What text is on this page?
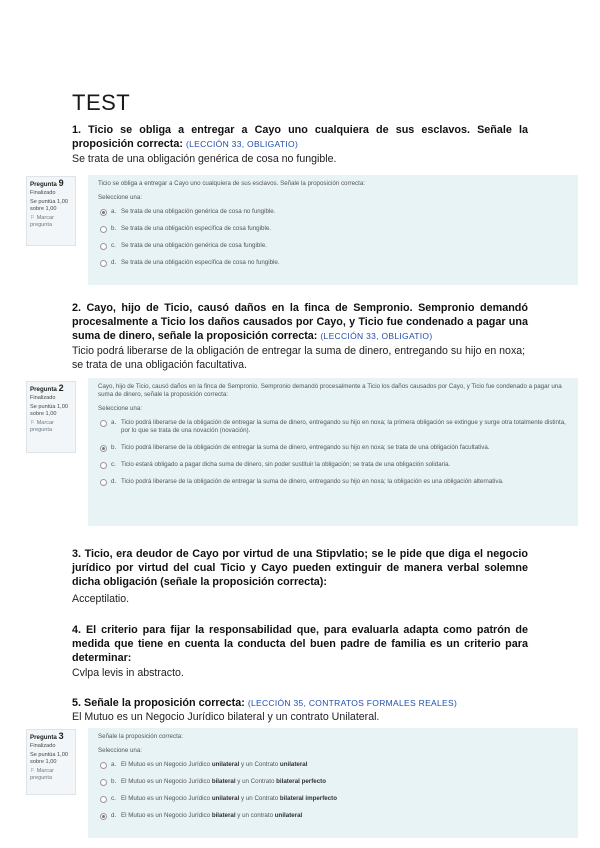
TEST
1. Ticio se obliga a entregar a Cayo uno cualquiera de sus esclavos. Señale la proposición correcta: (LECCIÓN 33, OBLIGATIO)
Se trata de una obligación genérica de cosa no fungible.
Pregunta 9

Finalizado

Se puntúa 1,00 sobre 1,00

⚐ Marcar pregunta

Ticio se obliga a entregar a Cayo uno cualquiera de sus esclavos. Señale la proposición correcta:

Seleccione una:

a. Se trata de una obligación genérica de cosa no fungible.
b. Se trata de una obligación específica de cosa fungible.
c. Se trata de una obligación genérica de cosa fungible.
d. Se trata de una obligación específica de cosa no fungible.
2. Cayo, hijo de Ticio, causó daños en la finca de Sempronio. Sempronio demandó procesalmente a Ticio los daños causados por Cayo, y Ticio fue condenado a pagar una suma de dinero, señale la proposición correcta: (LECCIÓN 33, OBLIGATIO)
Ticio podrá liberarse de la obligación de entregar la suma de dinero, entregando su hijo en noxa; se trata de una obligación facultativa.
Pregunta 2

Finalizado

Se puntúa 1,00 sobre 1,00

⚐ Marcar pregunta

Cayo, hijo de Ticio, causó daños en la finca de Sempronio. Sempronio demandó procesalmente a Ticio los daños causados por Cayo, y Ticio fue condenado a pagar una suma de dinero, señale la proposición correcta:

Seleccione una:

a. Ticio podrá liberarse de la obligación de entregar la suma de dinero, entregando su hijo en noxa; la primera obligación se extingue y surge otra totalmente distinta, por lo que se trata de una novación (novación).
b. Ticio podrá liberarse de la obligación de entregar la suma de dinero, entregando su hijo en noxa; se trata de una obligación facultativa.
c. Ticio estará obligado a pagar dicha suma de dinero, sin poder sustituir la obligación; se trata de una obligación solidaria.
d. Ticio podrá liberarse de la obligación de entregar la suma de dinero, entregando su hijo en noxa; la obligación es una obligación alternativa.
3. Ticio, era deudor de Cayo por virtud de una Stipvlatio; se le pide que diga el negocio jurídico por virtud del cual Ticio y Cayo pueden extinguir de manera verbal solemne dicha obligación (señale la proposición correcta):
Acceptilatio.
4. El criterio para fijar la responsabilidad que, para evaluarla adapta como patrón de medida que tiene en cuenta la conducta del buen padre de familia es un criterio para determinar:
Cvlpa levis in abstracto.
5. Señale la proposición correcta: (LECCIÓN 35, CONTRATOS FORMALES REALES)
El Mutuo es un Negocio Jurídico bilateral y un contrato Unilateral.
Pregunta 3

Finalizado

Se puntúa 1,00 sobre 1,00

⚐ Marcar pregunta

Señale la proposición correcta:

Seleccione una:

a. El Mutuo es un Negocio Jurídico unilateral y un Contrato unilateral
b. El Mutuo es un Negocio Jurídico bilateral y un Contrato bilateral perfecto
c. El Mutuo es un Negocio Jurídico unilateral y un Contrato bilateral imperfecto
d. El Mutuo es un Negocio Jurídico bilateral y un contrato unilateral
